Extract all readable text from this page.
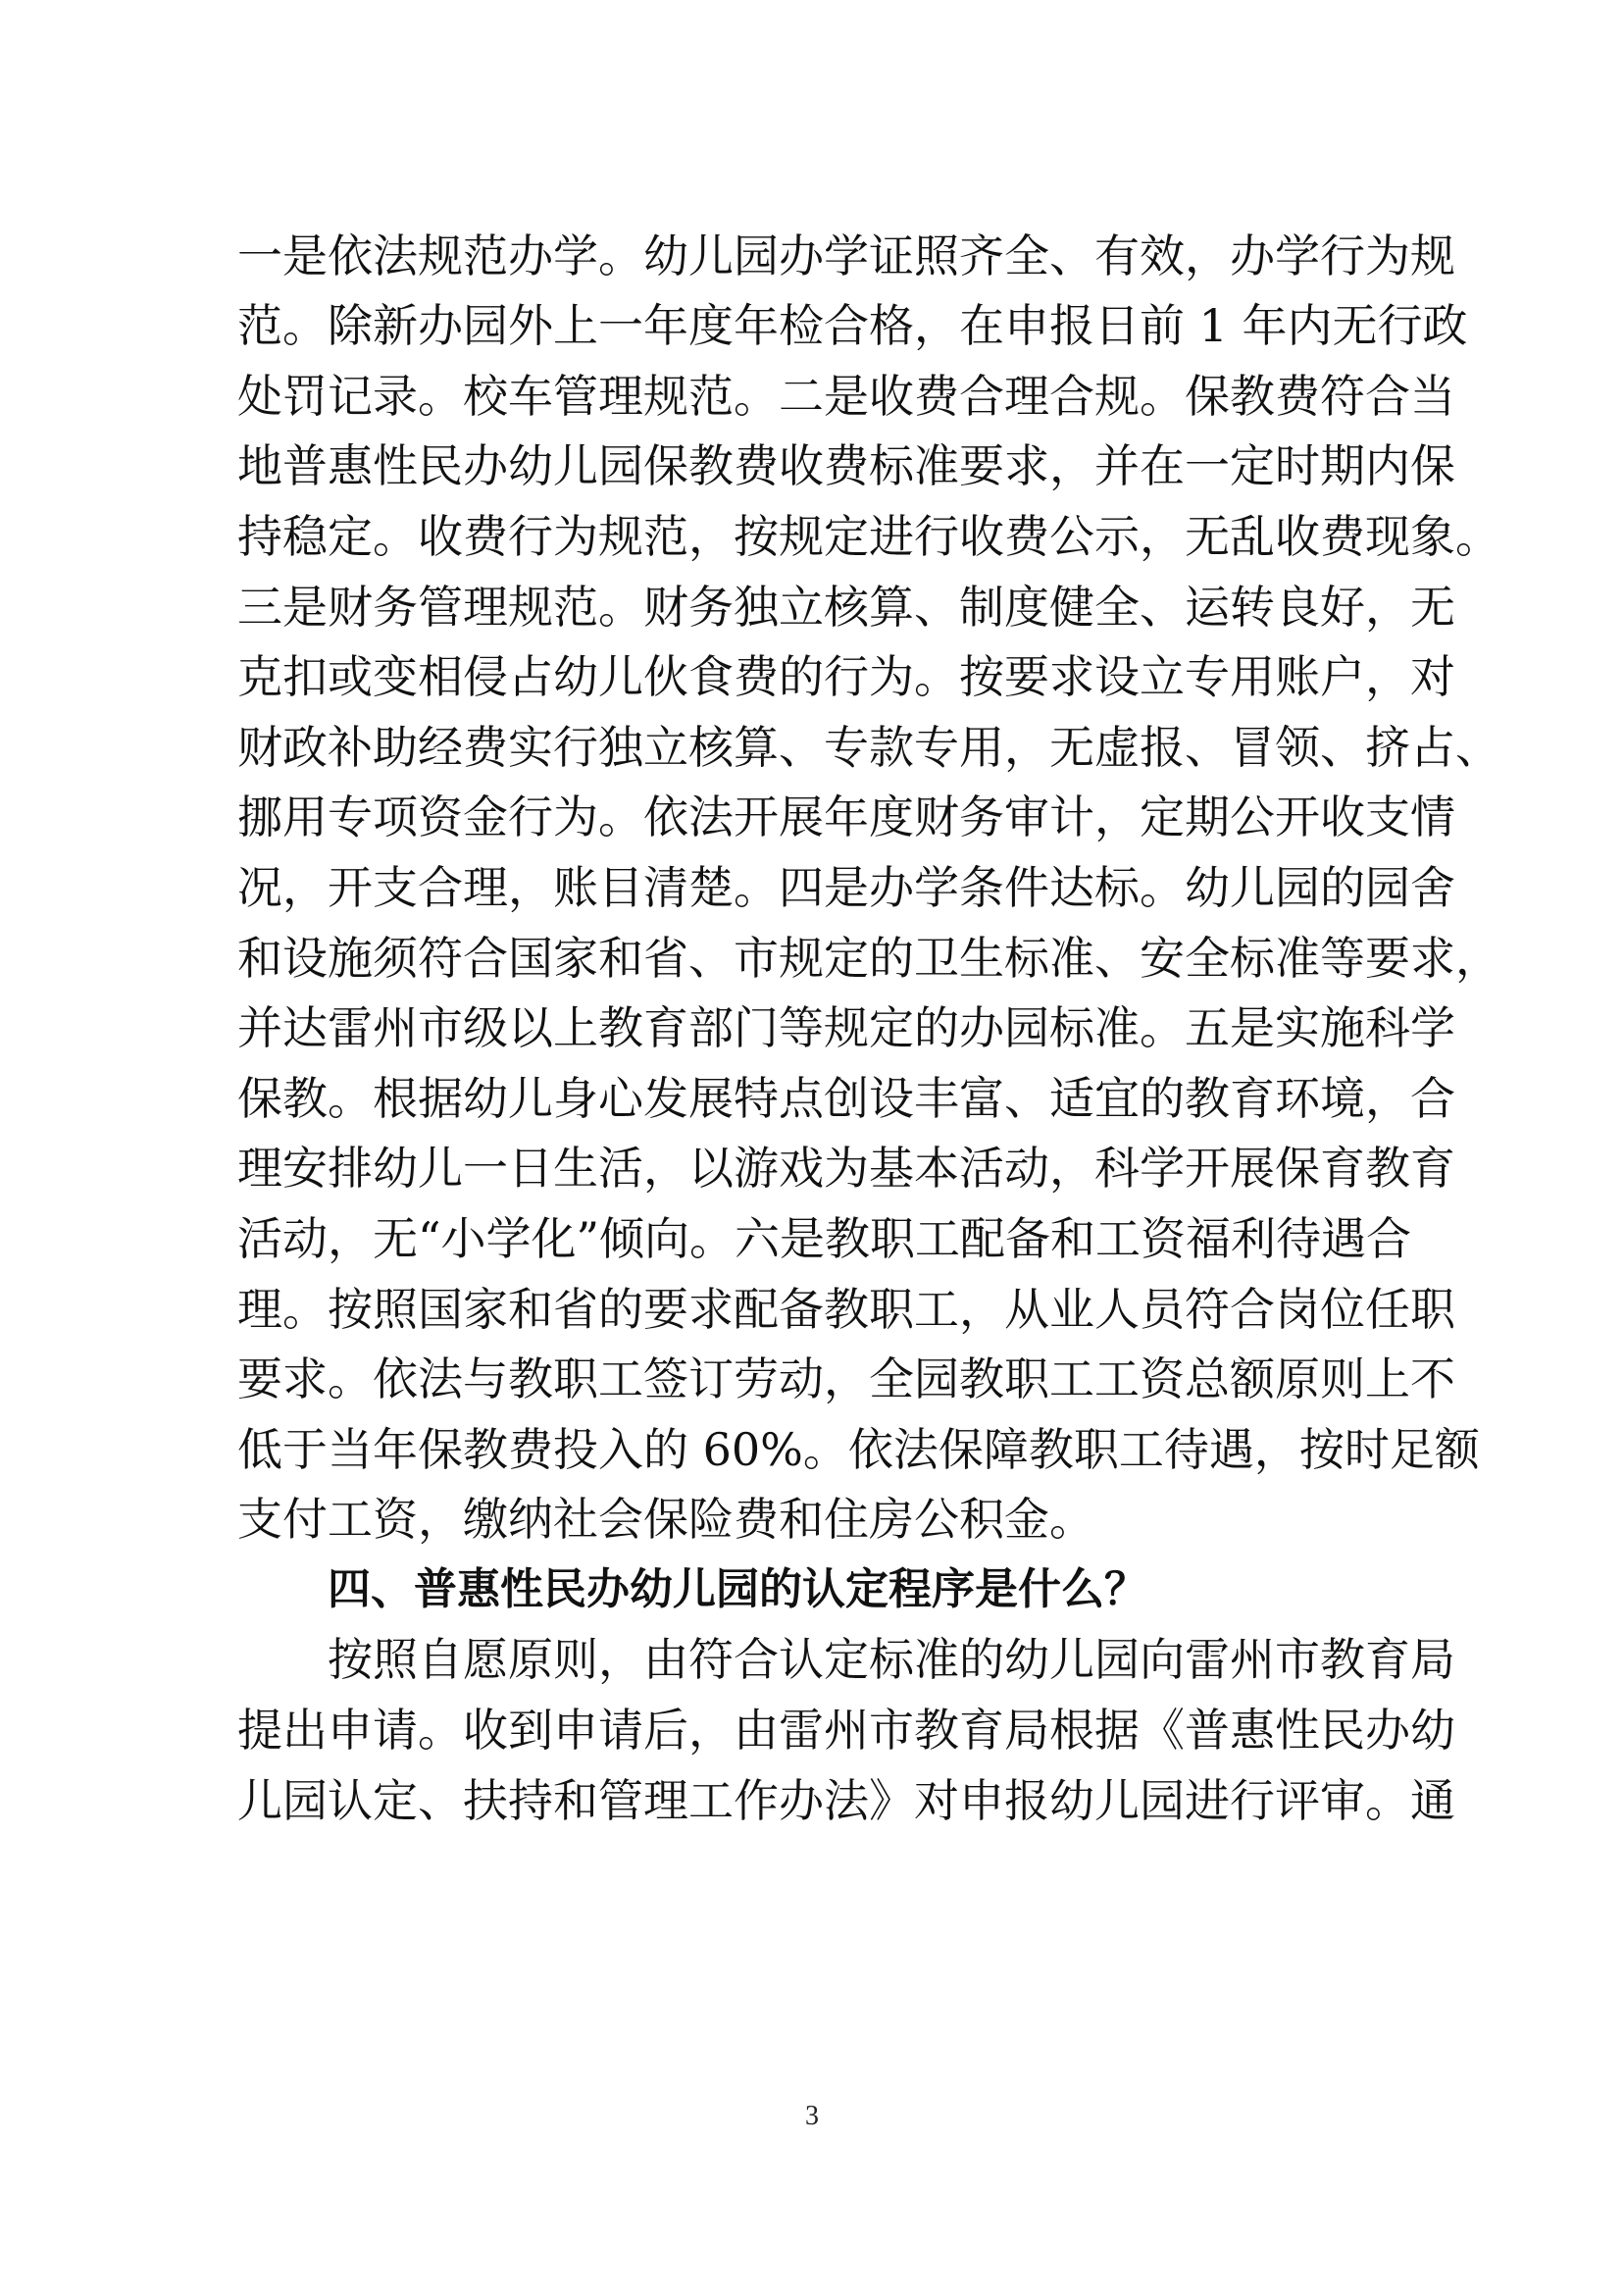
一是依法规范办学。幼儿园办学证照齐全、有效，办学行为规
范。除新办园外上一年度年检合格，在申报日前 1 年内无行政
处罚记录。校车管理规范。二是收费合理合规。保教费符合当
地普惠性民办幼儿园保教费收费标准要求，并在一定时期内保
持稳定。收费行为规范，按规定进行收费公示，无乱收费现象。
三是财务管理规范。财务独立核算、制度健全、运转良好，无
克扣或变相侵占幼儿伙食费的行为。按要求设立专用账户，对
财政补助经费实行独立核算、专款专用，无虚报、冒领、挤占、
挪用专项资金行为。依法开展年度财务审计，定期公开收支情
况，开支合理，账目清楚。四是办学条件达标。幼儿园的园舍
和设施须符合国家和省、市规定的卫生标准、安全标准等要求，
并达雷州市级以上教育部门等规定的办园标准。五是实施科学
保教。根据幼儿身心发展特点创设丰富、适宜的教育环境，合
理安排幼儿一日生活，以游戏为基本活动，科学开展保育教育
活动，无“小学化”倾向。六是教职工配备和工资福利待遇合
理。按照国家和省的要求配备教职工，从业人员符合岗位任职
要求。依法与教职工签订劳动，全园教职工工资总额原则上不
低于当年保教费投入的 60%。依法保障教职工待遇，按时足额
支付工资，缴纳社会保险费和住房公积金。
四、普惠性民办幼儿园的认定程序是什么？
按照自愿原则，由符合认定标准的幼儿园向雷州市教育局
提出申请。收到申请后，由雷州市教育局根据《普惠性民办幼
儿园认定、扶持和管理工作办法》对申报幼儿园进行评审。通
3
